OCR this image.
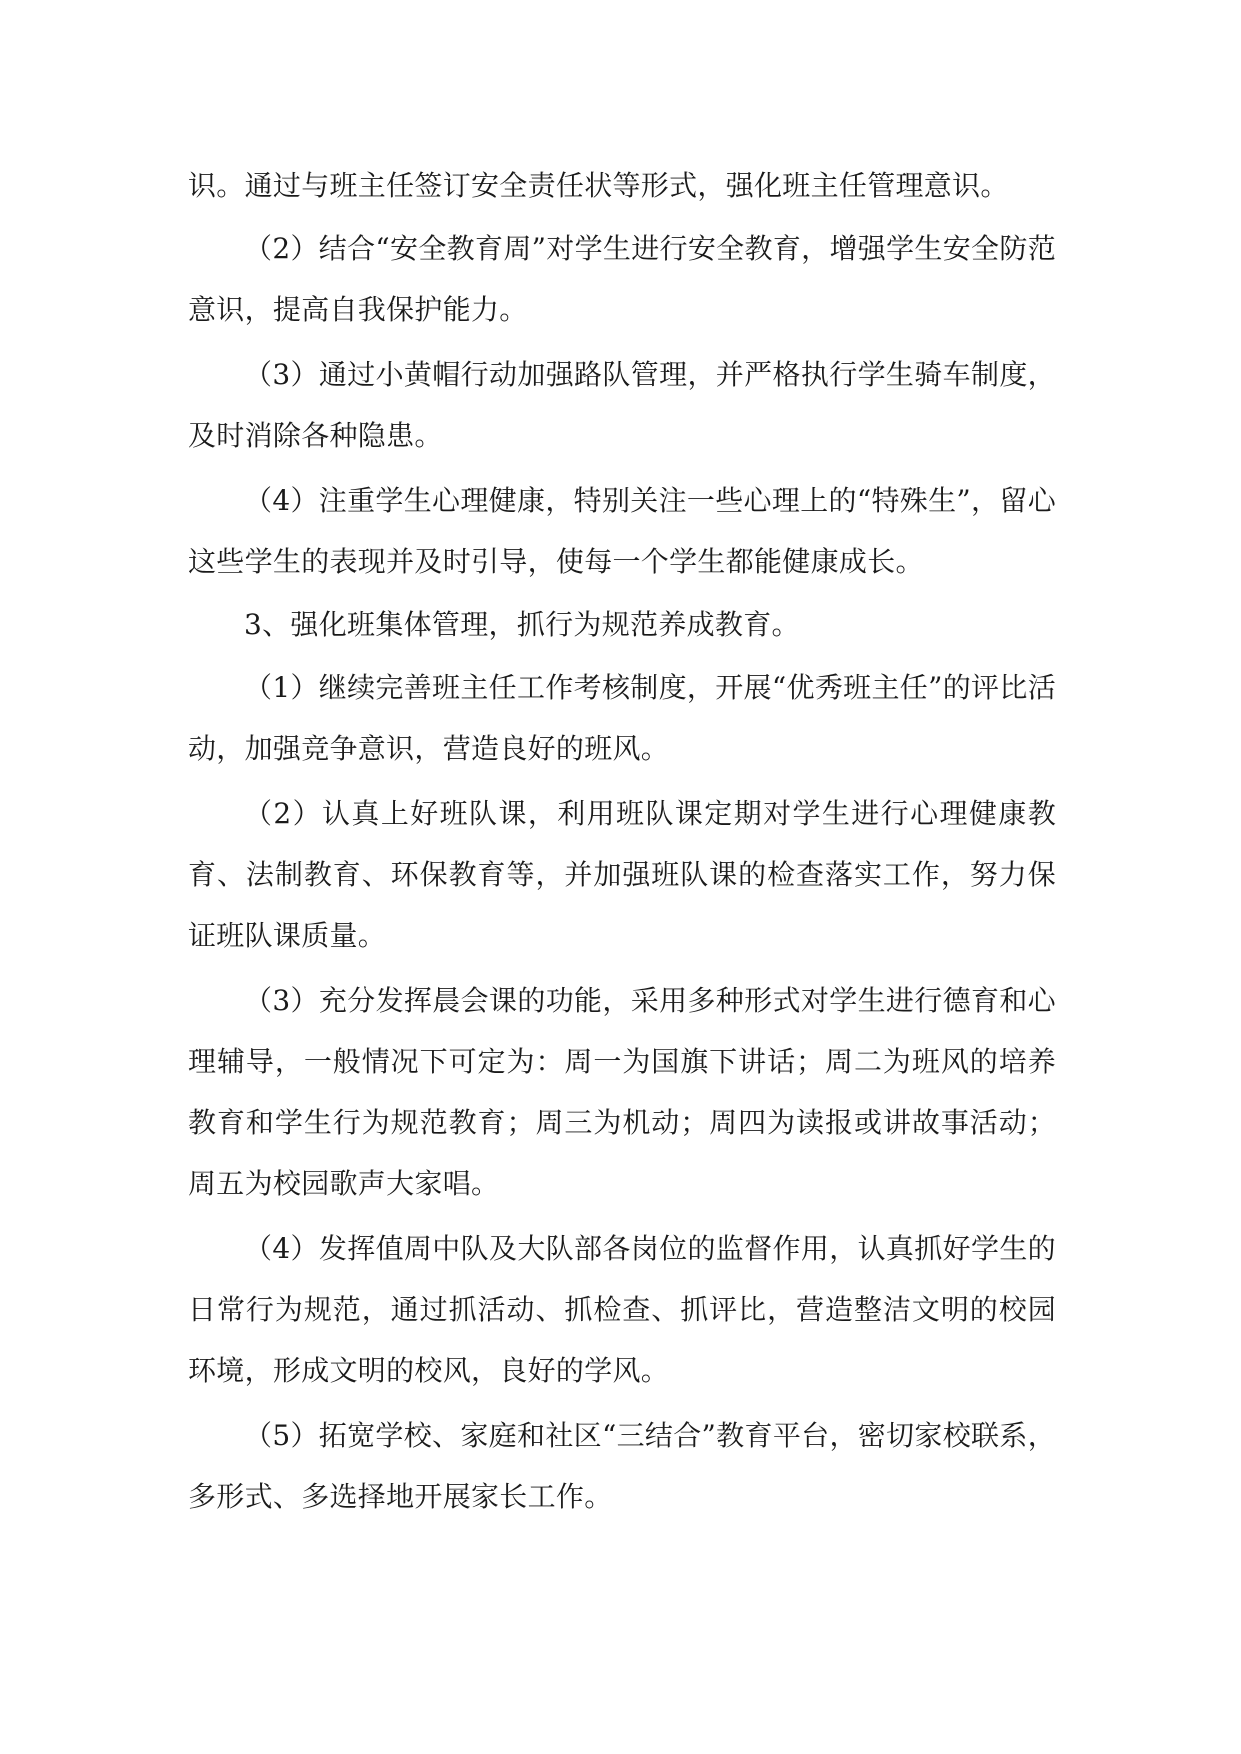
识。通过与班主任签订安全责任状等形式，强化班主任管理意识。

（2）结合“安全教育周”对学生进行安全教育，增强学生安全防范意识，提高自我保护能力。

（3）通过小黄帽行动加强路队管理，并严格执行学生骑车制度，及时消除各种隐患。

（4）注重学生心理健康，特别关注一些心理上的“特殊生”，留心这些学生的表现并及时引导，使每一个学生都能健康成长。

3、强化班集体管理，抓行为规范养成教育。

（1）继续完善班主任工作考核制度，开展“优秀班主任”的评比活动，加强竞争意识，营造良好的班风。

（2）认真上好班队课，利用班队课定期对学生进行心理健康教育、法制教育、环保教育等，并加强班队课的检查落实工作，努力保证班队课质量。

（3）充分发挥晨会课的功能，采用多种形式对学生进行德育和心理辅导，一般情况下可定为：周一为国旗下讲话；周二为班风的培养教育和学生行为规范教育；周三为机动；周四为读报或讲故事活动；周五为校园歌声大家唱。

（4）发挥值周中队及大队部各岗位的监督作用，认真抓好学生的日常行为规范，通过抓活动、抓检查、抓评比，营造整洁文明的校园环境，形成文明的校风，良好的学风。

（5）拓宽学校、家庭和社区“三结合”教育平台，密切家校联系，多形式、多选择地开展家长工作。
